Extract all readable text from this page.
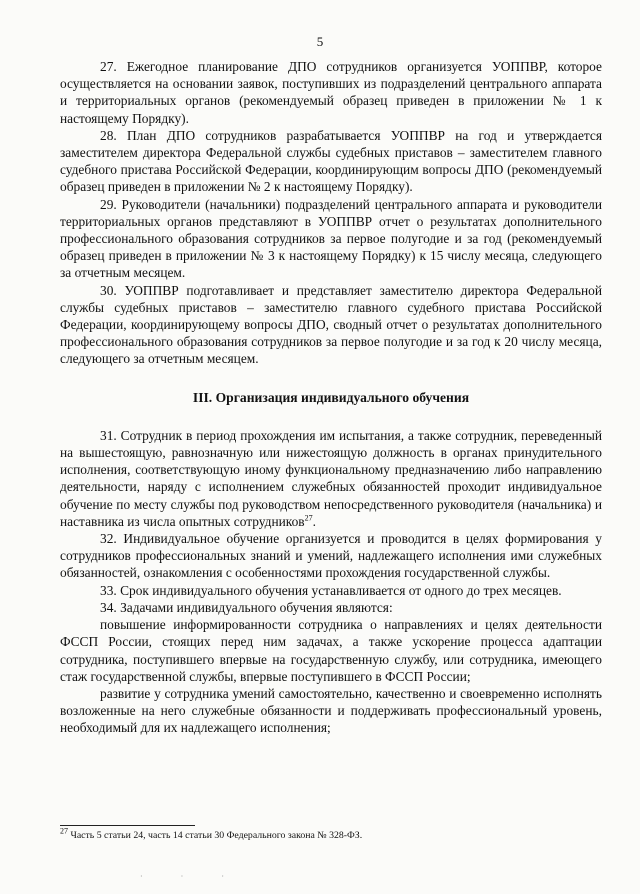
5

27. Ежегодное планирование ДПО сотрудников организуется УОППВР, которое осуществляется на основании заявок, поступивших из подразделений центрального аппарата и территориальных органов (рекомендуемый образец приведен в приложении № 1 к настоящему Порядку).

28. План ДПО сотрудников разрабатывается УОППВР на год и утверждается заместителем директора Федеральной службы судебных приставов – заместителем главного судебного пристава Российской Федерации, координирующим вопросы ДПО (рекомендуемый образец приведен в приложении № 2 к настоящему Порядку).

29. Руководители (начальники) подразделений центрального аппарата и руководители территориальных органов представляют в УОППВР отчет о результатах дополнительного профессионального образования сотрудников за первое полугодие и за год (рекомендуемый образец приведен в приложении № 3 к настоящему Порядку) к 15 числу месяца, следующего за отчетным месяцем.

30. УОППВР подготавливает и представляет заместителю директора Федеральной службы судебных приставов – заместителю главного судебного пристава Российской Федерации, координирующему вопросы ДПО, сводный отчет о результатах дополнительного профессионального образования сотрудников за первое полугодие и за год к 20 числу месяца, следующего за отчетным месяцем.

III. Организация индивидуального обучения

31. Сотрудник в период прохождения им испытания, а также сотрудник, переведенный на вышестоящую, равнозначную или нижестоящую должность в органах принудительного исполнения, соответствующую иному функциональному предназначению либо направлению деятельности, наряду с исполнением служебных обязанностей проходит индивидуальное обучение по месту службы под руководством непосредственного руководителя (начальника) и наставника из числа опытных сотрудников$^{27}$.

32. Индивидуальное обучение организуется и проводится в целях формирования у сотрудников профессиональных знаний и умений, надлежащего исполнения ими служебных обязанностей, ознакомления с особенностями прохождения государственной службы.

33. Срок индивидуального обучения устанавливается от одного до трех месяцев.

34. Задачами индивидуального обучения являются:

повышение информированности сотрудника о направлениях и целях деятельности ФССП России, стоящих перед ним задачах, а также ускорение процесса адаптации сотрудника, поступившего впервые на государственную службу, или сотрудника, имеющего стаж государственной службы, впервые поступившего в ФССП России;

развитие у сотрудника умений самостоятельно, качественно и своевременно исполнять возложенные на него служебные обязанности и поддерживать профессиональный уровень, необходимый для их надлежащего исполнения;

$^{27}$ Часть 5 статьи 24, часть 14 статьи 30 Федерального закона № 328-ФЗ.
· · ·
